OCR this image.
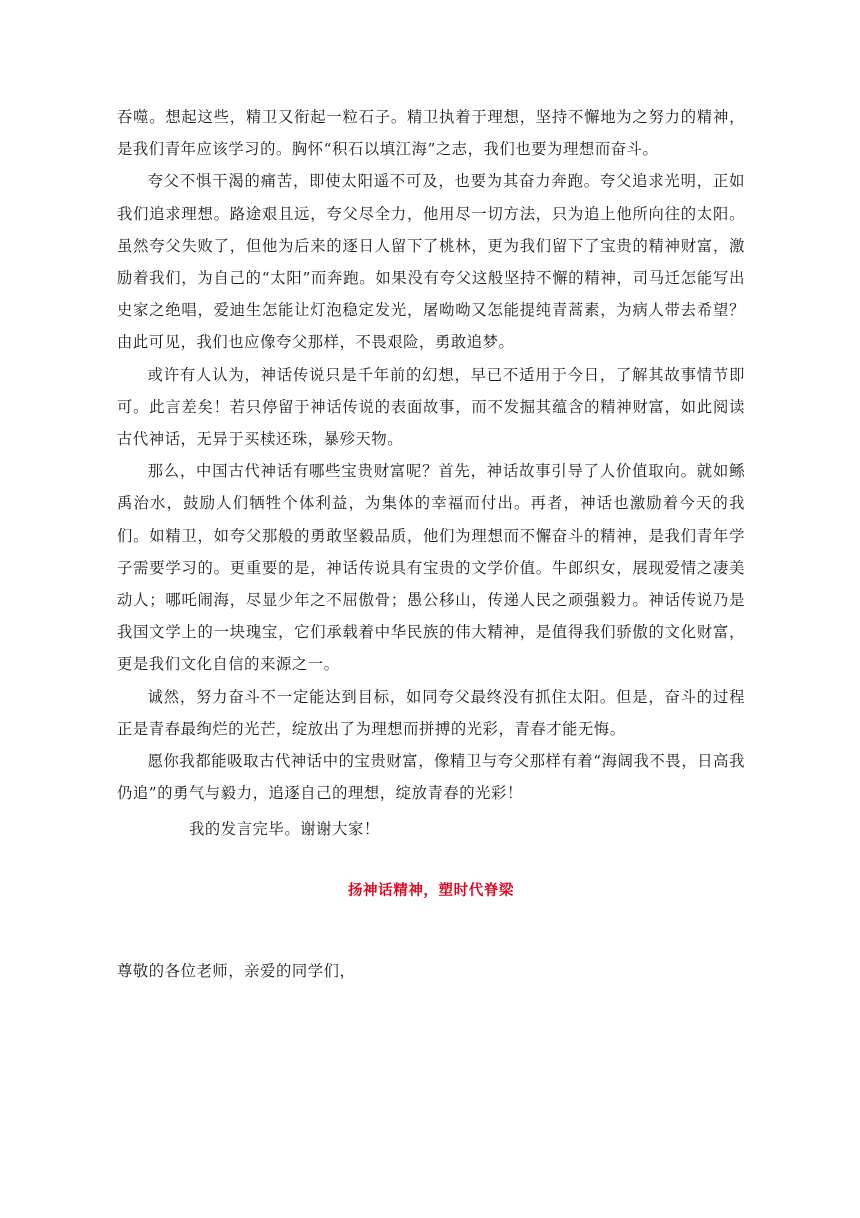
吞噬。想起这些，精卫又衔起一粒石子。精卫执着于理想，坚持不懈地为之努力的精神，是我们青年应该学习的。胸怀“积石以填江海”之志，我们也要为理想而奋斗。

夸父不惧干渴的痛苦，即使太阳遥不可及，也要为其奋力奔跑。夸父追求光明，正如我们追求理想。路途艰且远，夸父尽全力，他用尽一切方法，只为追上他所向往的太阳。虽然夸父失败了，但他为后来的逐日人留下了桃林，更为我们留下了宝贵的精神财富，激励着我们，为自己的“太阳”而奔跑。如果没有夸父这般坚持不懈的精神，司马迁怎能写出史家之绝唱，爱迪生怎能让灯泡稳定发光，屠呦呦又怎能提纯青蒿素，为病人带去希望？由此可见，我们也应像夸父那样，不畏艰险，勇敢追梦。

或许有人认为，神话传说只是千年前的幻想，早已不适用于今日，了解其故事情节即可。此言差矣！若只停留于神话传说的表面故事，而不发掘其蕴含的精神财富，如此阅读古代神话，无异于买椟还珠，暴殄天物。

那么，中国古代神话有哪些宝贵财富呢？首先，神话故事引导了人价值取向。就如鲧禹治水，鼓励人们牺牲个体利益，为集体的幸福而付出。再者，神话也激励着今天的我们。如精卫，如夸父那般的勇敢坚毅品质，他们为理想而不懈奋斗的精神，是我们青年学子需要学习的。更重要的是，神话传说具有宝贵的文学价值。牛郎织女，展现爱情之凄美动人；哪吒闹海，尽显少年之不屈傲骨；愚公移山，传递人民之顽强毅力。神话传说乃是我国文学上的一块瑰宝，它们承载着中华民族的伟大精神，是值得我们骄傲的文化财富，更是我们文化自信的来源之一。

诚然，努力奋斗不一定能达到目标，如同夸父最终没有抓住太阳。但是，奋斗的过程正是青春最绚烂的光芒，绽放出了为理想而拼搏的光彩，青春才能无悔。

愿你我都能吸取古代神话中的宝贵财富，像精卫与夸父那样有着“海阔我不畏，日高我仍追”的勇气与毅力，追逐自己的理想，绽放青春的光彩！

我的发言完毕。谢谢大家！

扬神话精神，塑时代脊梁
尊敬的各位老师，亲爱的同学们，
